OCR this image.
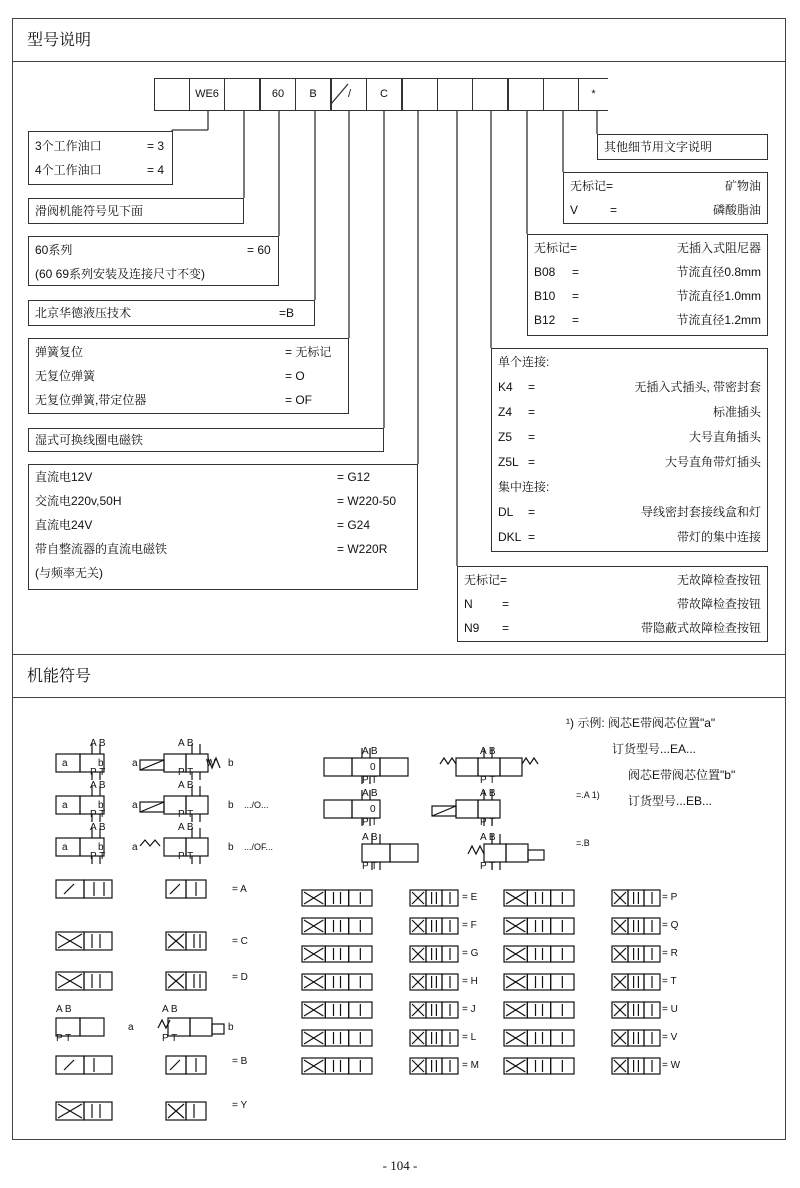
型号说明
机能符号
WE6	60	B	/	C	*
3个工作油口	= 3
4个工作油口	= 4
滑阀机能符号见下面
60系列	= 60
(60 69系列安装及连接尺寸不变)
北京华德液压技术	=B
弹簧复位	= 无标记
无复位弹簧	= O
无复位弹簧,带定位器	= OF
湿式可换线圈电磁铁
直流电12V	= G12
交流电220v,50H	= W220-50
直流电24V	= G24
带自整流器的直流电磁铁	= W220R
(与频率无关)
其他细节用文字说明
无标记=	矿物油
V	=	磷酸脂油
无标记=	无插入式阻尼器
B08 =	节流直径0.8mm
B10 =	节流直径1.0mm
B12 =	节流直径1.2mm
单个连接:
K4 =	无插入式插头, 带密封套
Z4 =	标准插头
Z5 =	大号直角插头
Z5L =	大号直角带灯插头
集中连接:
DL =	导线密封套接线盒和灯
DKL =	带灯的集中连接
无标记=	无故障检查按钮
N =	带故障检查按钮
N9 =	带隐蔽式故障检查按钮
¹) 示例: 阀芯E带阀芯位置"a"
订货型号...EA...
阀芯E带阀芯位置"b"
订货型号...EB...
=.A 1)
=.B
A B
P T
A B
P T
A B
P T
A B
P T
A B
P T
A B
P T
A B
P T
A B
P T
A B
P T
A B
P T
A B
P T
A B
P T
A B
P T
A B
P T
a
a
a
b
b
b
a
a
a
a
b
b
b
b
.../O...
.../OF...
W	0
0
= A
= C
= D
= B
= Y
= E
= F
= G
= H
= J
= L
= M
= P
= Q
= R
= T
= U
= V
= W
- 104 -
